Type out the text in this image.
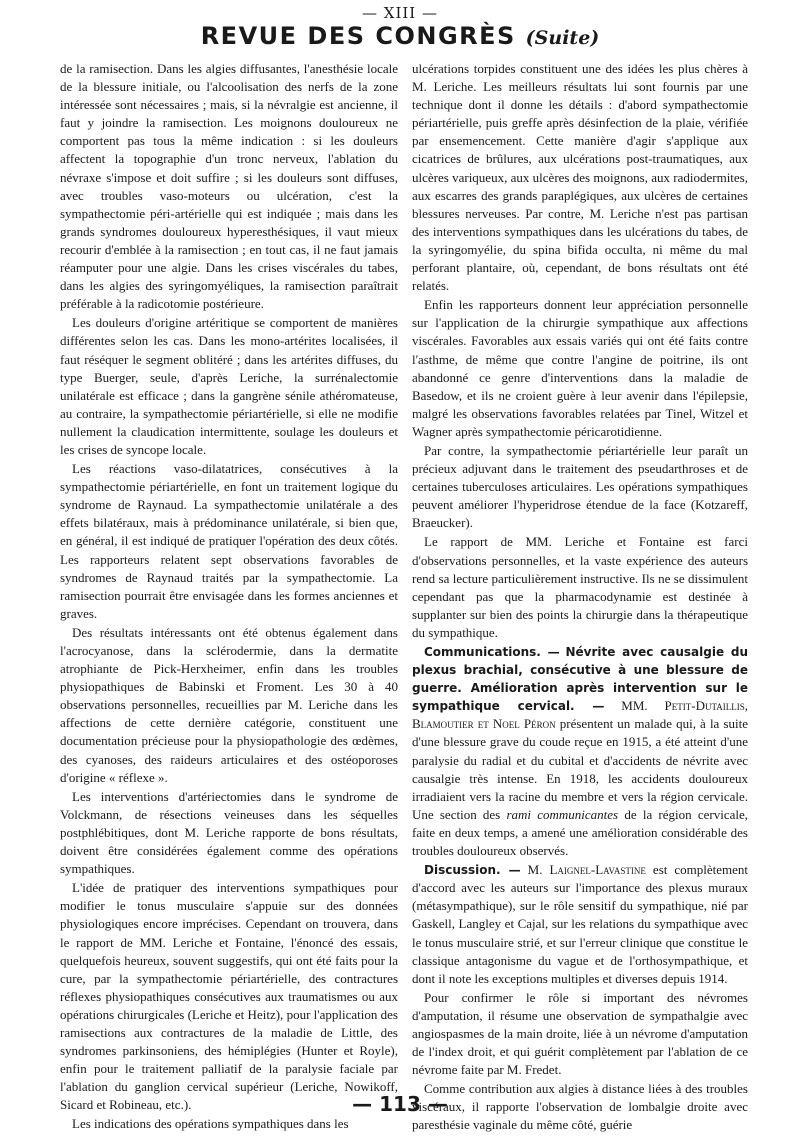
— XIII —
REVUE DES CONGRÈS (Suite)

de la ramisection. Dans les algies diffusantes, l'anesthésie locale de la blessure initiale, ou l'alcoolisation des nerfs de la zone intéressée sont nécessaires ; mais, si la névralgie est ancienne, il faut y joindre la ramisection. Les moignons douloureux ne comportent pas tous la même indication : si les douleurs affectent la topographie d'un tronc nerveux, l'ablation du névraxe s'impose et doit suffire ; si les douleurs sont diffuses, avec troubles vaso-moteurs ou ulcération, c'est la sympathectomie péri-artérielle qui est indiquée ; mais dans les grands syndromes douloureux hyperesthésiques, il vaut mieux recourir d'emblée à la ramisection ; en tout cas, il ne faut jamais réamputer pour une algie. Dans les crises viscérales du tabes, dans les algies des syringomyéliques, la ramisection paraîtrait préférable à la radicotomie postérieure.

Les douleurs d'origine artéritique se comportent de manières différentes selon les cas. Dans les mono-artérites localisées, il faut réséquer le segment oblitéré ; dans les artérites diffuses, du type Buerger, seule, d'après Leriche, la surrénalectomie unilatérale est efficace ; dans la gangrène sénile athéromateuse, au contraire, la sympathectomie périartérielle, si elle ne modifie nullement la claudication intermittente, soulage les douleurs et les crises de syncope locale.

Les réactions vaso-dilatatrices, consécutives à la sympathectomie périartérielle, en font un traitement logique du syndrome de Raynaud. La sympathectomie unilatérale a des effets bilatéraux, mais à prédominance unilatérale, si bien que, en général, il est indiqué de pratiquer l'opération des deux côtés. Les rapporteurs relatent sept observations favorables de syndromes de Raynaud traités par la sympathectomie. La ramisection pourrait être envisagée dans les formes anciennes et graves.

Des résultats intéressants ont été obtenus également dans l'acrocyanose, dans la sclérodermie, dans la dermatite atrophiante de Pick-Herxheimer, enfin dans les troubles physiopathiques de Babinski et Froment. Les 30 à 40 observations personnelles, recueillies par M. Leriche dans les affections de cette dernière catégorie, constituent une documentation précieuse pour la physiopathologie des œdèmes, des cyanoses, des raideurs articulaires et des ostéoporoses d'origine « réflexe ».

Les interventions d'artériectomies dans le syndrome de Volckmann, de résections veineuses dans les séquelles postphlébitiques, dont M. Leriche rapporte de bons résultats, doivent être considérées également comme des opérations sympathiques.

L'idée de pratiquer des interventions sympathiques pour modifier le tonus musculaire s'appuie sur des données physiologiques encore imprécises. Cependant on trouvera, dans le rapport de MM. Leriche et Fontaine, l'énoncé des essais, quelquefois heureux, souvent suggestifs, qui ont été faits pour la cure, par la sympathectomie périartérielle, des contractures réflexes physiopathiques consécutives aux traumatismes ou aux opérations chirurgicales (Leriche et Heitz), pour l'application des ramisections aux contractures de la maladie de Little, des syndromes parkinsoniens, des hémiplégies (Hunter et Royle), enfin pour le traitement palliatif de la paralysie faciale par l'ablation du ganglion cervical supérieur (Leriche, Nowikoff, Sicard et Robineau, etc.).

Les indications des opérations sympathiques dans les

ulcérations torpides constituent une des idées les plus chères à M. Leriche. Les meilleurs résultats lui sont fournis par une technique dont il donne les détails : d'abord sympathectomie périartérielle, puis greffe après désinfection de la plaie, vérifiée par ensemencement. Cette manière d'agir s'applique aux cicatrices de brûlures, aux ulcérations post-traumatiques, aux ulcères variqueux, aux ulcères des moignons, aux radiodermites, aux escarres des grands paraplégiques, aux ulcères de certaines blessures nerveuses. Par contre, M. Leriche n'est pas partisan des interventions sympathiques dans les ulcérations du tabes, de la syringomyélie, du spina bifida occulta, ni même du mal perforant plantaire, où, cependant, de bons résultats ont été relatés.

Enfin les rapporteurs donnent leur appréciation personnelle sur l'application de la chirurgie sympathique aux affections viscérales. Favorables aux essais variés qui ont été faits contre l'asthme, de même que contre l'angine de poitrine, ils ont abandonné ce genre d'interventions dans la maladie de Basedow, et ils ne croient guère à leur avenir dans l'épilepsie, malgré les observations favorables relatées par Tinel, Witzel et Wagner après sympathectomie péricarotidienne.

Par contre, la sympathectomie périartérielle leur paraît un précieux adjuvant dans le traitement des pseudarthroses et de certaines tuberculoses articulaires. Les opérations sympathiques peuvent améliorer l'hyperidrose étendue de la face (Kotzareff, Braeucker).

Le rapport de MM. Leriche et Fontaine est farci d'observations personnelles, et la vaste expérience des auteurs rend sa lecture particulièrement instructive. Ils ne se dissimulent cependant pas que la pharmacodynamie est destinée à supplanter sur bien des points la chirurgie dans la thérapeutique du sympathique.

Communications. — Névrite avec causalgie du plexus brachial, consécutive à une blessure de guerre. Amélioration après intervention sur le sympathique cervical. — MM. Petit-Dutaillis, Blamoutier et Noel Péron présentent un malade qui, à la suite d'une blessure grave du coude reçue en 1915, a été atteint d'une paralysie du radial et du cubital et d'accidents de névrite avec causalgie très intense. En 1918, les accidents douloureux irradiaient vers la racine du membre et vers la région cervicale. Une section des rami communicantes de la région cervicale, faite en deux temps, a amené une amélioration considérable des troubles douloureux observés.

Discussion. — M. Laignel-Lavastine est complètement d'accord avec les auteurs sur l'importance des plexus muraux (métasympathique), sur le rôle sensitif du sympathique, nié par Gaskell, Langley et Cajal, sur les relations du sympathique avec le tonus musculaire strié, et sur l'erreur clinique que constitue le classique antagonisme du vague et de l'orthosympathique, et dont il note les exceptions multiples et diverses depuis 1914.

Pour confirmer le rôle si important des névromes d'amputation, il résume une observation de sympathalgie avec angiospasmes de la main droite, liée à un névrome d'amputation de l'index droit, et qui guérit complètement par l'ablation de ce névrome faite par M. Fredet.

Comme contribution aux algies à distance liées à des troubles viscéraux, il rapporte l'observation de lombalgie droite avec paresthésie vaginale du même côté, guérie

— 113 —
